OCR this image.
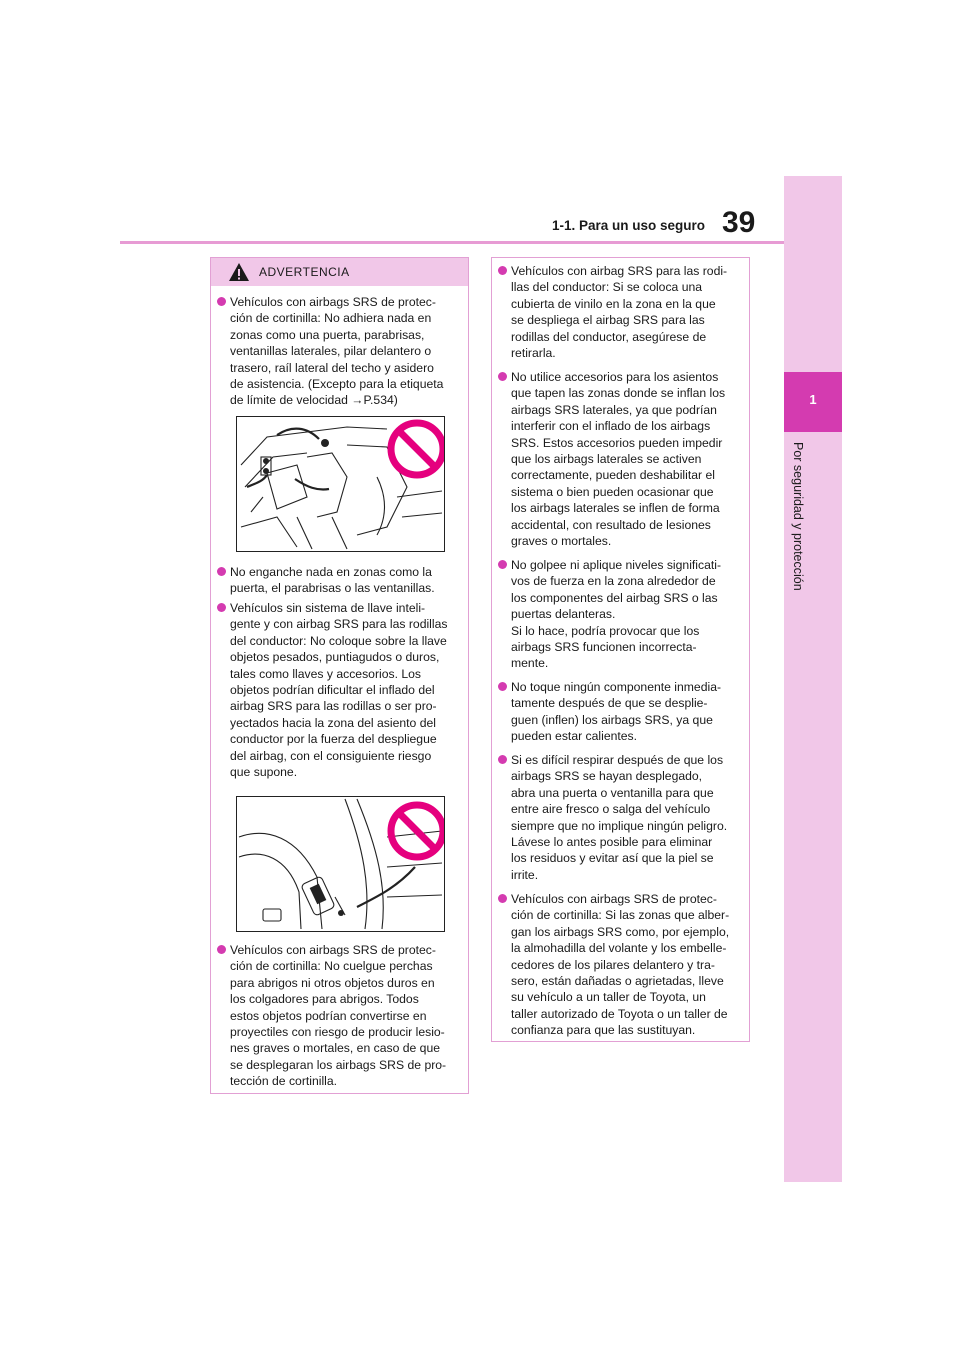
1-1. Para un uso seguro 39
1
Por seguridad y protección
ADVERTENCIA
Vehículos con airbags SRS de protec-
ción de cortinilla: No adhiera nada en
zonas como una puerta, parabrisas,
ventanillas laterales, pilar delantero o
trasero, raíl lateral del techo y asidero
de asistencia. (Excepto para la etiqueta
de límite de velocidad →P.534)
No enganche nada en zonas como la
puerta, el parabrisas o las ventanillas.
Vehículos sin sistema de llave inteli-
gente y con airbag SRS para las rodillas
del conductor: No coloque sobre la llave
objetos pesados, puntiagudos o duros,
tales como llaves y accesorios. Los
objetos podrían dificultar el inflado del
airbag SRS para las rodillas o ser pro-
yectados hacia la zona del asiento del
conductor por la fuerza del despliegue
del airbag, con el consiguiente riesgo
que supone.
Vehículos con airbags SRS de protec-
ción de cortinilla: No cuelgue perchas
para abrigos ni otros objetos duros en
los colgadores para abrigos. Todos
estos objetos podrían convertirse en
proyectiles con riesgo de producir lesio-
nes graves o mortales, en caso de que
se desplegaran los airbags SRS de pro-
tección de cortinilla.
Vehículos con airbag SRS para las rodi-
llas del conductor: Si se coloca una
cubierta de vinilo en la zona en la que
se despliega el airbag SRS para las
rodillas del conductor, asegúrese de
retirarla.
No utilice accesorios para los asientos
que tapen las zonas donde se inflan los
airbags SRS laterales, ya que podrían
interferir con el inflado de los airbags
SRS. Estos accesorios pueden impedir
que los airbags laterales se activen
correctamente, pueden deshabilitar el
sistema o bien pueden ocasionar que
los airbags laterales se inflen de forma
accidental, con resultado de lesiones
graves o mortales.
No golpee ni aplique niveles significati-
vos de fuerza en la zona alrededor de
los componentes del airbag SRS o las
puertas delanteras.
Si lo hace, podría provocar que los
airbags SRS funcionen incorrecta-
mente.
No toque ningún componente inmedia-
tamente después de que se desplie-
guen (inflen) los airbags SRS, ya que
pueden estar calientes.
Si es difícil respirar después de que los
airbags SRS se hayan desplegado,
abra una puerta o ventanilla para que
entre aire fresco o salga del vehículo
siempre que no implique ningún peligro.
Lávese lo antes posible para eliminar
los residuos y evitar así que la piel se
irrite.
Vehículos con airbags SRS de protec-
ción de cortinilla: Si las zonas que alber-
gan los airbags SRS como, por ejemplo,
la almohadilla del volante y los embelle-
cedores de los pilares delantero y tra-
sero, están dañadas o agrietadas, lleve
su vehículo a un taller de Toyota, un
taller autorizado de Toyota o un taller de
confianza para que las sustituyan.
